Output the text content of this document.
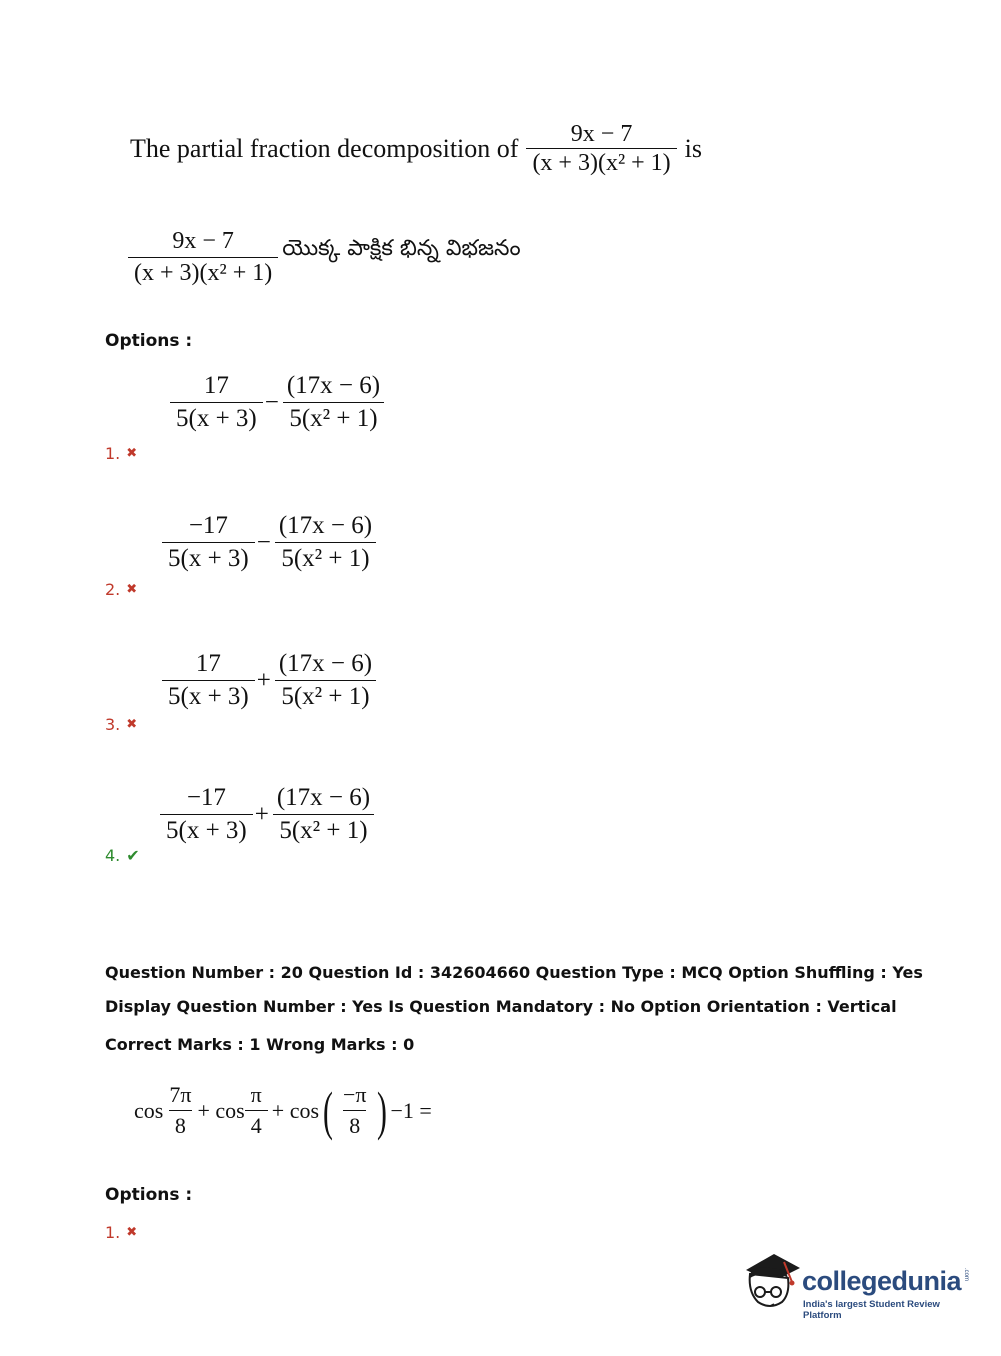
The partial fraction decomposition of $\frac{9x - 7}{\text{(x + 3)(x² + 1)}}$ is
$\frac{9x - 7}{\text{(x + 3)(x² + 1)}}$ యొక్క పాక్షిక భిన్న విభజనం
Options :
$\frac{17}{5(x + 3)} - \frac{(17x - 6)}{\text{5(x² + 1)}}$
1. ✖
$\frac{-17}{5(x + 3)} - \frac{(17x - 6)}{\text{5(x² + 1)}}$
2. ✖
$\frac{17}{5(x + 3)} + \frac{(17x - 6)}{\text{5(x² + 1)}}$
3. ✖
$\frac{-17}{5(x + 3)} + \frac{(17x - 6)}{\text{5(x² + 1)}}$
4. ✔
Question Number : 20 Question Id : 342604660 Question Type : MCQ Option Shuffling : Yes
Display Question Number : Yes Is Question Mandatory : No Option Orientation : Vertical
Correct Marks : 1 Wrong Marks : 0
$\cos \frac{7\pi}{8} + \cos \frac{\pi}{4} + \cos$ ( $\frac{-\pi}{8}$ ) −1 =
Options :
1. ✖
collegedunia .com
India's largest Student Review Platform
